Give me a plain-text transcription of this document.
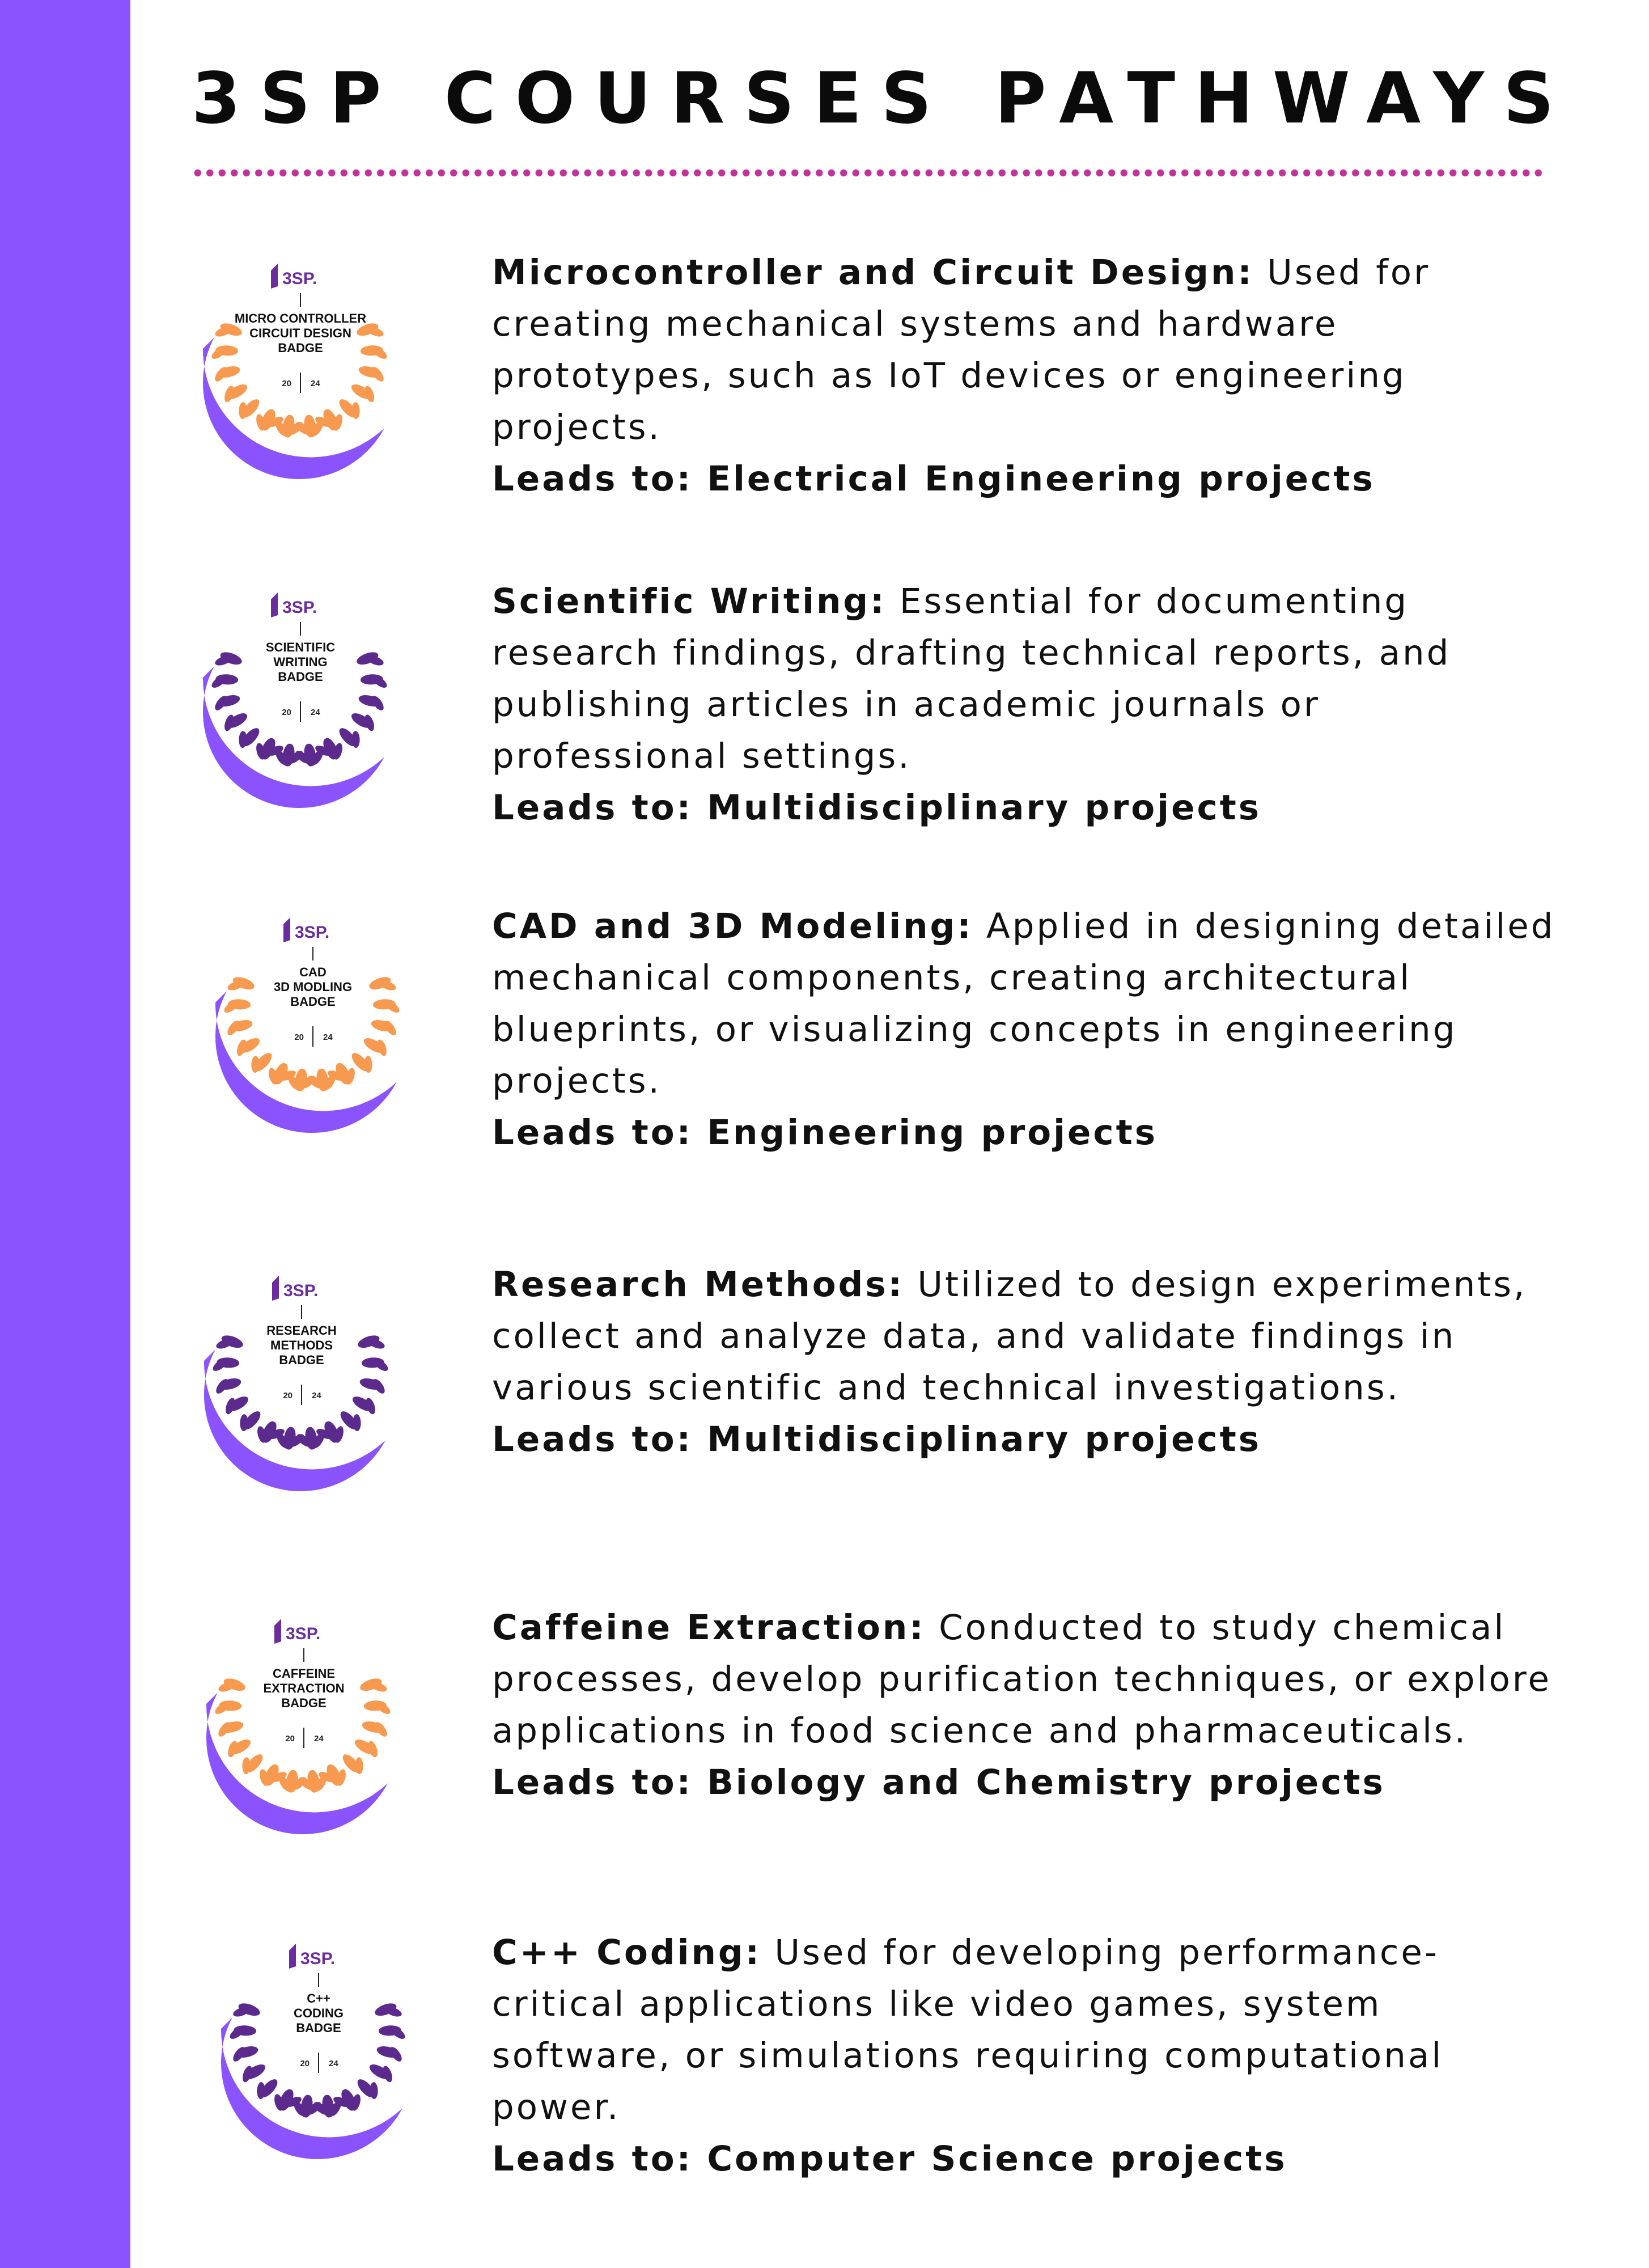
3SP COURSES PATHWAYS
3SP.
MICRO CONTROLLER
CIRCUIT DESIGN
BADGE
20 24

Microcontroller and Circuit Design: Used for creating mechanical systems and hardware prototypes, such as IoT devices or engineering projects.
Leads to: Electrical Engineering projects

3SP.
SCIENTIFIC
WRITING
BADGE
20 24

Scientific Writing: Essential for documenting research findings, drafting technical reports, and publishing articles in academic journals or professional settings.
Leads to: Multidisciplinary projects

3SP.
CAD
3D MODLING
BADGE
20 24

CAD and 3D Modeling: Applied in designing detailed mechanical components, creating architectural blueprints, or visualizing concepts in engineering projects.
Leads to: Engineering projects

3SP.
RESEARCH
METHODS
BADGE
20 24

Research Methods: Utilized to design experiments, collect and analyze data, and validate findings in various scientific and technical investigations.
Leads to: Multidisciplinary projects

3SP.
CAFFEINE
EXTRACTION
BADGE
20 24

Caffeine Extraction: Conducted to study chemical processes, develop purification techniques, or explore applications in food science and pharmaceuticals.
Leads to: Biology and Chemistry projects

3SP.
C++
CODING
BADGE
20 24

C++ Coding: Used for developing performance-critical applications like video games, system software, or simulations requiring computational power.
Leads to: Computer Science projects
